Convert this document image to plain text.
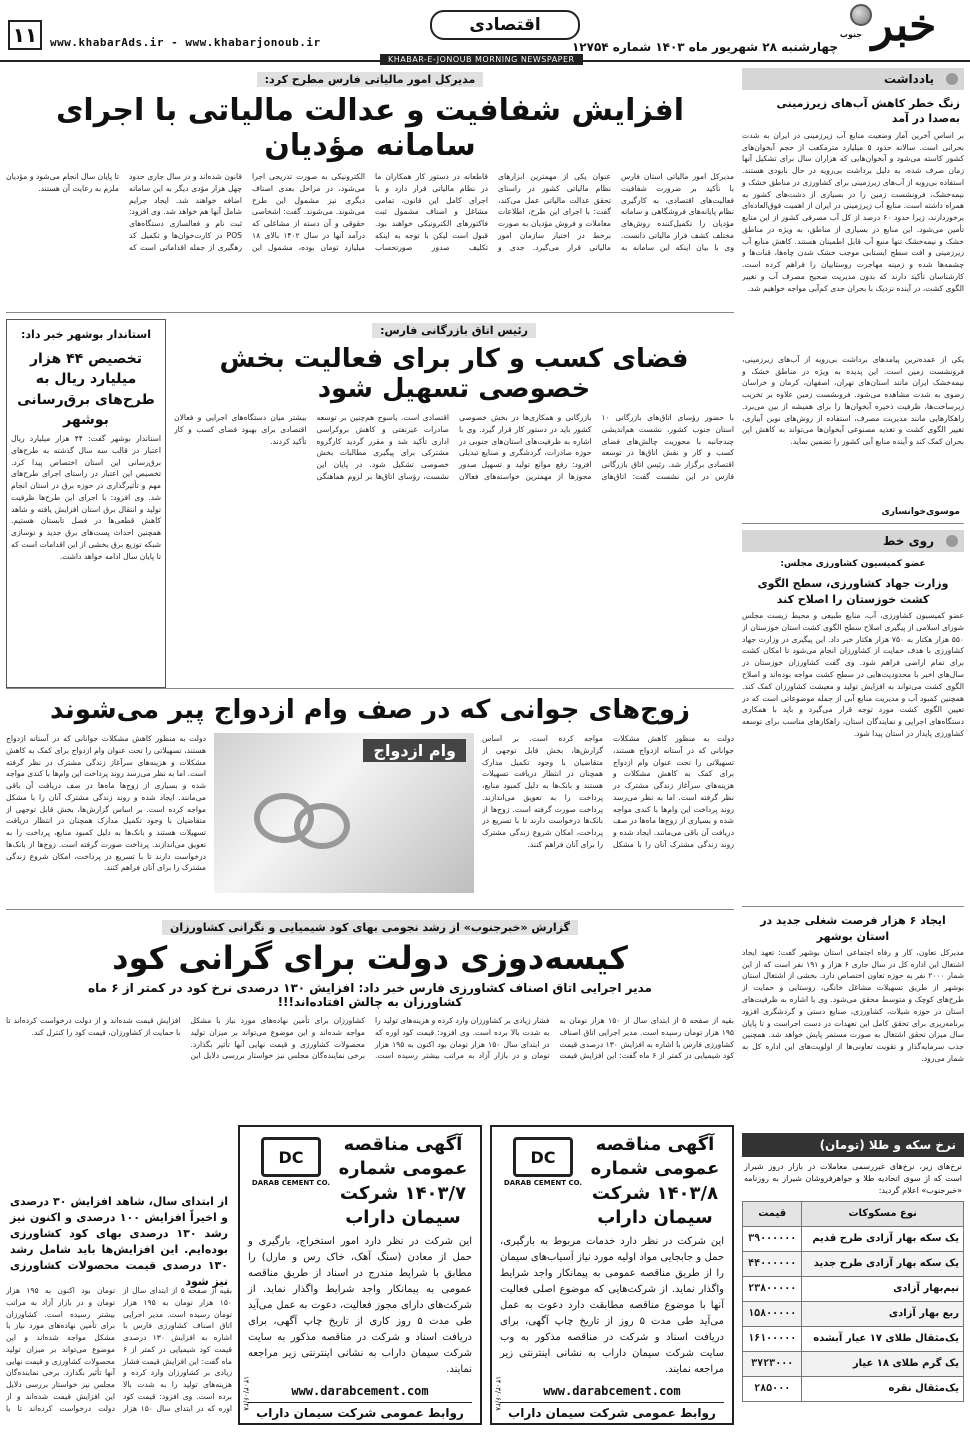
خبر
جنوب
چهارشنبه ۲۸ شهریور ماه ۱۴۰۳ شماره ۱۲۷۵۴
اقتصادی
www.khabarAds.ir - www.khabarjonoub.ir
۱۱
KHABAR-E-JONOUB MORNING NEWSPAPER
یادداشت
زنگ خطر کاهش آب‌های زیرزمینی به‌صدا در آمد
بر اساس آخرین آمار وضعیت منابع آب زیرزمینی در ایران به شدت بحرانی است. سالانه حدود ۵ میلیارد مترمکعب از حجم آبخوان‌های کشور کاسته می‌شود و آبخوان‌هایی که هزاران سال برای تشکیل آنها زمان صرف شده، به دلیل برداشت بی‌رویه در حال نابودی هستند. استفاده بی‌رویه از آب‌های زیرزمینی برای کشاورزی در مناطق خشک و نیمه‌خشک، فرونشست زمین را در بسیاری از دشت‌های کشور به همراه داشته است. منابع آب زیرزمینی در ایران از اهمیت فوق‌العاده‌ای برخوردارند، زیرا حدود ۶۰ درصد از کل آب مصرفی کشور از این منابع تأمین می‌شود. این منابع در بسیاری از مناطق، به ویژه در مناطق خشک و نیمه‌خشک تنها منبع آب قابل اطمینان هستند. کاهش منابع آب زیرزمینی و افت سطح ایستابی موجب خشک شدن چاه‌ها، قنات‌ها و چشمه‌ها شده و زمینه مهاجرت روستاییان را فراهم کرده است. کارشناسان تأکید دارند که بدون مدیریت صحیح مصرف آب و تغییر الگوی کشت، در آینده نزدیک با بحران جدی کم‌آبی مواجه خواهیم شد.
یکی از عمده‌ترین پیامدهای برداشت بی‌رویه از آب‌های زیرزمینی، فرونشست زمین است. این پدیده به ویژه در مناطق خشک و نیمه‌خشک ایران مانند استان‌های تهران، اصفهان، کرمان و خراسان رضوی به شدت مشاهده می‌شود. فرونشست زمین علاوه بر تخریب زیرساخت‌ها، ظرفیت ذخیره آبخوان‌ها را برای همیشه از بین می‌برد. راهکارهایی مانند مدیریت مصرف، استفاده از روش‌های نوین آبیاری، تغییر الگوی کشت و تغذیه مصنوعی آبخوان‌ها می‌تواند به کاهش این بحران کمک کند و آینده منابع آبی کشور را تضمین نماید.
موسوی‌خوانساری
روی خط
عضو کمیسیون کشاورزی مجلس:
وزارت جهاد کشاورزی، سطح الگوی کشت خوزستان را اصلاح کند
عضو کمیسیون کشاورزی، آب، منابع طبیعی و محیط زیست مجلس شورای اسلامی از پیگیری اصلاح سطح الگوی کشت استان خوزستان از ۵۵۰ هزار هکتار به ۷۵۰ هزار هکتار خبر داد. این پیگیری در وزارت جهاد کشاورزی با هدف حمایت از کشاورزان انجام می‌شود تا امکان کشت برای تمام اراضی فراهم شود. وی گفت کشاورزان خوزستان در سال‌های اخیر با محدودیت‌هایی در سطح کشت مواجه بوده‌اند و اصلاح الگوی کشت می‌تواند به افزایش تولید و معیشت کشاورزان کمک کند. همچنین کمبود آب و مدیریت منابع آبی از جمله موضوعاتی است که در تعیین الگوی کشت مورد توجه قرار می‌گیرد و باید با همکاری دستگاه‌های اجرایی و نمایندگان استان، راهکارهای مناسب برای توسعه کشاورزی پایدار در استان پیدا شود.
ایجاد ۶ هزار فرصت شغلی جدید در استان بوشهر
مدیرکل تعاون، کار و رفاه اجتماعی استان بوشهر گفت: تعهد ایجاد اشتغال این اداره کل در سال جاری ۶ هزار و ۱۹۱ نفر است که از این شمار ۲۰۰۰ نفر به حوزه تعاون اختصاص دارد. بخشی از اشتغال استان بوشهر از طریق تسهیلات مشاغل خانگی، روستایی و حمایت از طرح‌های کوچک و متوسط محقق می‌شود. وی با اشاره به ظرفیت‌های استان در حوزه شیلات، کشاورزی، صنایع دستی و گردشگری افزود برنامه‌ریزی برای تحقق کامل این تعهدات در دست اجراست و تا پایان سال میزان تحقق اشتغال به صورت مستمر پایش خواهد شد. همچنین جذب سرمایه‌گذار و تقویت تعاونی‌ها از اولویت‌های این اداره کل به شمار می‌رود.
نرخ سکه و طلا (تومان)
نرخ‌های زیر، نرخ‌های غیررسمی معاملات در بازار دروز شیراز است که از سوی اتحادیه طلا و جواهرفروشان شیراز به روزنامه «خبرجنوب» اعلام گردید:
نوع مسکوکات	قیمت
یک سکه بهار آزادی طرح قدیم	۳۹۰۰۰۰۰۰
یک سکه بهار آزادی طرح جدید	۴۴۰۰۰۰۰۰
نیم‌بهار آزادی	۲۳۸۰۰۰۰۰
ربع بهار آزادی	۱۵۸۰۰۰۰۰
یک‌مثقال طلای ۱۷ عیار آبشده	۱۶۱۰۰۰۰۰
یک گرم طلای ۱۸ عیار	۳۷۲۳۰۰۰
یک‌مثقال نقره	۲۸۵۰۰۰
مدیرکل امور مالیاتی فارس مطرح کرد:
افزایش شفافیت و عدالت مالیاتی با اجرای سامانه مؤدیان
مدیرکل امور مالیاتی استان فارس با تأکید بر ضرورت شفافیت فعالیت‌های اقتصادی، به کارگیری نظام پایانه‌های فروشگاهی و سامانه مؤدیان را تکمیل‌کننده روش‌های مختلف کشف فرار مالیاتی دانست. وی با بیان اینکه این سامانه به عنوان یکی از مهمترین ابزارهای نظام مالیاتی کشور در راستای تحقق عدالت مالیاتی عمل می‌کند، گفت: با اجرای این طرح، اطلاعات معاملات و فروش مؤدیان به صورت برخط در اختیار سازمان امور مالیاتی قرار می‌گیرد. جدی و قاطعانه در دستور کار همکاران ما در نظام مالیاتی قرار دارد و با اجرای کامل این قانون، تمامی مشاغل و اصناف مشمول ثبت فاکتورهای الکترونیکی خواهند بود. قبول است لیکن با توجه به اینکه تکلیف صدور صورتحساب الکترونیکی به صورت تدریجی اجرا می‌شود، در مراحل بعدی اصناف دیگری نیز مشمول این طرح می‌شوند. می‌شوند. گفت: اشخاصی حقوقی و آن دسته از مشاغلی که درآمد آنها در سال ۱۴۰۲ بالای ۱۸ میلیارد تومان بوده، مشمول این قانون شده‌اند و در سال جاری حدود چهل هزار مؤدی دیگر به این سامانه اضافه خواهند شد. ایجاد جرایم شامل آنها هم خواهد شد. وی افزود: ثبت نام و فعالسازی دستگاه‌های POS در کارت‌خوان‌ها و تکمیل کد رهگیری از جمله اقداماتی است که تا پایان سال انجام می‌شود و مؤدیان ملزم به رعایت آن هستند.
رئیس اتاق بازرگانی فارس:
فضای کسب و کار برای فعالیت بخش خصوصی تسهیل شود
با حضور رؤسای اتاق‌های بازرگانی ۱۰ استان جنوب کشور، نشست هم‌اندیشی چندجانبه با محوریت چالش‌های فضای کسب و کار و نقش اتاق‌ها در توسعه اقتصادی برگزار شد. رئیس اتاق بازرگانی فارس در این نشست گفت: اتاق‌های بازرگانی و همکاری‌ها در بخش خصوصی کشور باید در دستور کار قرار گیرد. وی با اشاره به ظرفیت‌های استان‌های جنوبی در حوزه صادرات، گردشگری و صنایع تبدیلی افزود: رفع موانع تولید و تسهیل صدور مجوزها از مهمترین خواسته‌های فعالان اقتصادی است. یاسوج هم‌چنین بر توسعه صادرات غیرنفتی و کاهش بروکراسی اداری تأکید شد و مقرر گردید کارگروه مشترکی برای پیگیری مطالبات بخش خصوصی تشکیل شود. در پایان این نشست، رؤسای اتاق‌ها بر لزوم هماهنگی بیشتر میان دستگاه‌های اجرایی و فعالان اقتصادی برای بهبود فضای کسب و کار تأکید کردند.
استاندار بوشهر خبر داد:
تخصیص ۴۴ هزار میلیارد ریال به طرح‌های برق‌رسانی بوشهر
استاندار بوشهر گفت: ۴۴ هزار میلیارد ریال اعتبار در قالب سه سال گذشته به طرح‌های برق‌رسانی این استان اختصاص پیدا کرد. تخصیص این اعتبار در راستای اجرای طرح‌های مهم و تأثیرگذاری در حوزه برق در استان انجام شد. وی افزود: با اجرای این طرح‌ها ظرفیت تولید و انتقال برق استان افزایش یافته و شاهد کاهش قطعی‌ها در فصل تابستان هستیم. همچنین احداث پست‌های برق جدید و نوسازی شبکه توزیع برق بخشی از این اقدامات است که تا پایان سال ادامه خواهد داشت.
زوج‌های جوانی که در صف وام ازدواج پیر می‌شوند
دولت به منظور کاهش مشکلات جوانانی که در آستانه ازدواج هستند، تسهیلاتی را تحت عنوان وام ازدواج برای کمک به کاهش مشکلات و هزینه‌های سرآغاز زندگی مشترک در نظر گرفته است. اما به نظر می‌رسد روند پرداخت این وام‌ها با کندی مواجه شده و بسیاری از زوج‌ها ماه‌ها در صف دریافت آن باقی می‌مانند. ایجاد شده و روند زندگی مشترک آنان را با مشکل مواجه کرده است. بر اساس گزارش‌ها، بخش قابل توجهی از متقاضیان با وجود تکمیل مدارک همچنان در انتظار دریافت تسهیلات هستند و بانک‌ها به دلیل کمبود منابع، پرداخت را به تعویق می‌اندازند. پرداخت صورت گرفته است. زوج‌ها از بانک‌ها درخواست دارند تا با تسریع در پرداخت، امکان شروع زندگی مشترک را برای آنان فراهم کنند.
وام ازدواج
دولت به منظور کاهش مشکلات جوانانی که در آستانه ازدواج هستند، تسهیلاتی را تحت عنوان وام ازدواج برای کمک به کاهش مشکلات و هزینه‌های سرآغاز زندگی مشترک در نظر گرفته است. اما به نظر می‌رسد روند پرداخت این وام‌ها با کندی مواجه شده و بسیاری از زوج‌ها ماه‌ها در صف دریافت آن باقی می‌مانند. ایجاد شده و روند زندگی مشترک آنان را با مشکل مواجه کرده است. بر اساس گزارش‌ها، بخش قابل توجهی از متقاضیان با وجود تکمیل مدارک همچنان در انتظار دریافت تسهیلات هستند و بانک‌ها به دلیل کمبود منابع، پرداخت را به تعویق می‌اندازند. پرداخت صورت گرفته است. زوج‌ها از بانک‌ها درخواست دارند تا با تسریع در پرداخت، امکان شروع زندگی مشترک را برای آنان فراهم کنند.
گزارش «خبرجنوب» از رشد نجومی بهای کود شیمیایی و نگرانی کشاورزان
کیسه‌دوزی دولت برای گرانی کود
مدیر اجرایی اتاق اصناف کشاورزی فارس خبر داد: افزایش ۱۳۰ درصدی نرخ کود در کمتر از ۶ ماه
کشاورزان به چالش افتاده‌اند!!!
بقیه از صفحه ۵ از ابتدای سال از ۱۵۰ هزار تومان به ۱۹۵ هزار تومان رسیده است. مدیر اجرایی اتاق اصناف کشاورزی فارس با اشاره به افزایش ۱۳۰ درصدی قیمت کود شیمیایی در کمتر از ۶ ماه گفت: این افزایش قیمت فشار زیادی بر کشاورزان وارد کرده و هزینه‌های تولید را به شدت بالا برده است. وی افزود: قیمت کود اوره که در ابتدای سال ۱۵۰ هزار تومان بود اکنون به ۱۹۵ هزار تومان و در بازار آزاد به مراتب بیشتر رسیده است. کشاورزان برای تأمین نهاده‌های مورد نیاز با مشکل مواجه شده‌اند و این موضوع می‌تواند بر میزان تولید محصولات کشاورزی و قیمت نهایی آنها تأثیر بگذارد. برخی نماینده‌گان مجلس نیز خواستار بررسی دلایل این افزایش قیمت شده‌اند و از دولت درخواست کرده‌اند تا با حمایت از کشاورزان، قیمت کود را کنترل کند.
از ابتدای سال، شاهد افزایش ۳۰ درصدی و اخیراً افزایش ۱۰۰ درصدی و اکنون نیز رشد ۱۳۰ درصدی بهای کود کشاورزی بوده‌ایم. این افزایش‌ها باید شامل رشد ۱۳۰ درصدی قیمت محصولات کشاورزی نیز شود
DC
DARAB CEMENT CO.
آگهی مناقصه عمومی شماره ۱۴۰۳/۸ شرکت سیمان داراب
این شرکت در نظر دارد خدمات مربوط به بارگیری، حمل و جابجایی مواد اولیه مورد نیاز آسیاب‌های سیمان را از طریق مناقصه عمومی به پیمانکار واجد شرایط واگذار نماید. از شرکت‌هایی که موضوع اصلی فعالیت آنها با موضوع مناقصه مطابقت دارد دعوت به عمل می‌آید طی مدت ۵ روز از تاریخ چاپ آگهی، برای دریافت اسناد و شرکت در مناقصه مذکور به وب سایت شرکت سیمان داراب به نشانی اینترنتی زیر مراجعه نمایند.
www.darabcement.com
روابط عمومی شرکت سیمان داراب
۱۴۰۳/۰۶/۲۸
DC
DARAB CEMENT CO.
آگهی مناقصه عمومی شماره ۱۴۰۳/۷ شرکت سیمان داراب
این شرکت در نظر دارد امور استخراج، بارگیری و حمل از معادن (سنگ آهک، خاک رس و مارل) را مطابق با شرایط مندرج در اسناد از طریق مناقصه عمومی به پیمانکار واجد شرایط واگذار نماید. از شرکت‌های دارای مجوز فعالیت، دعوت به عمل می‌آید طی مدت ۵ روز کاری از تاریخ چاپ آگهی، برای دریافت اسناد و شرکت در مناقصه مذکور به سایت شرکت سیمان داراب به نشانی اینترنتی زیر مراجعه نمایند.
www.darabcement.com
روابط عمومی شرکت سیمان داراب
۱۴۰۳/۰۶/۲۸
بقیه از صفحه ۵ از ابتدای سال از ۱۵۰ هزار تومان به ۱۹۵ هزار تومان رسیده است. مدیر اجرایی اتاق اصناف کشاورزی فارس با اشاره به افزایش ۱۳۰ درصدی قیمت کود شیمیایی در کمتر از ۶ ماه گفت: این افزایش قیمت فشار زیادی بر کشاورزان وارد کرده و هزینه‌های تولید را به شدت بالا برده است. وی افزود: قیمت کود اوره که در ابتدای سال ۱۵۰ هزار تومان بود اکنون به ۱۹۵ هزار تومان و در بازار آزاد به مراتب بیشتر رسیده است. کشاورزان برای تأمین نهاده‌های مورد نیاز با مشکل مواجه شده‌اند و این موضوع می‌تواند بر میزان تولید محصولات کشاورزی و قیمت نهایی آنها تأثیر بگذارد. برخی نماینده‌گان مجلس نیز خواستار بررسی دلایل این افزایش قیمت شده‌اند و از دولت درخواست کرده‌اند تا با
